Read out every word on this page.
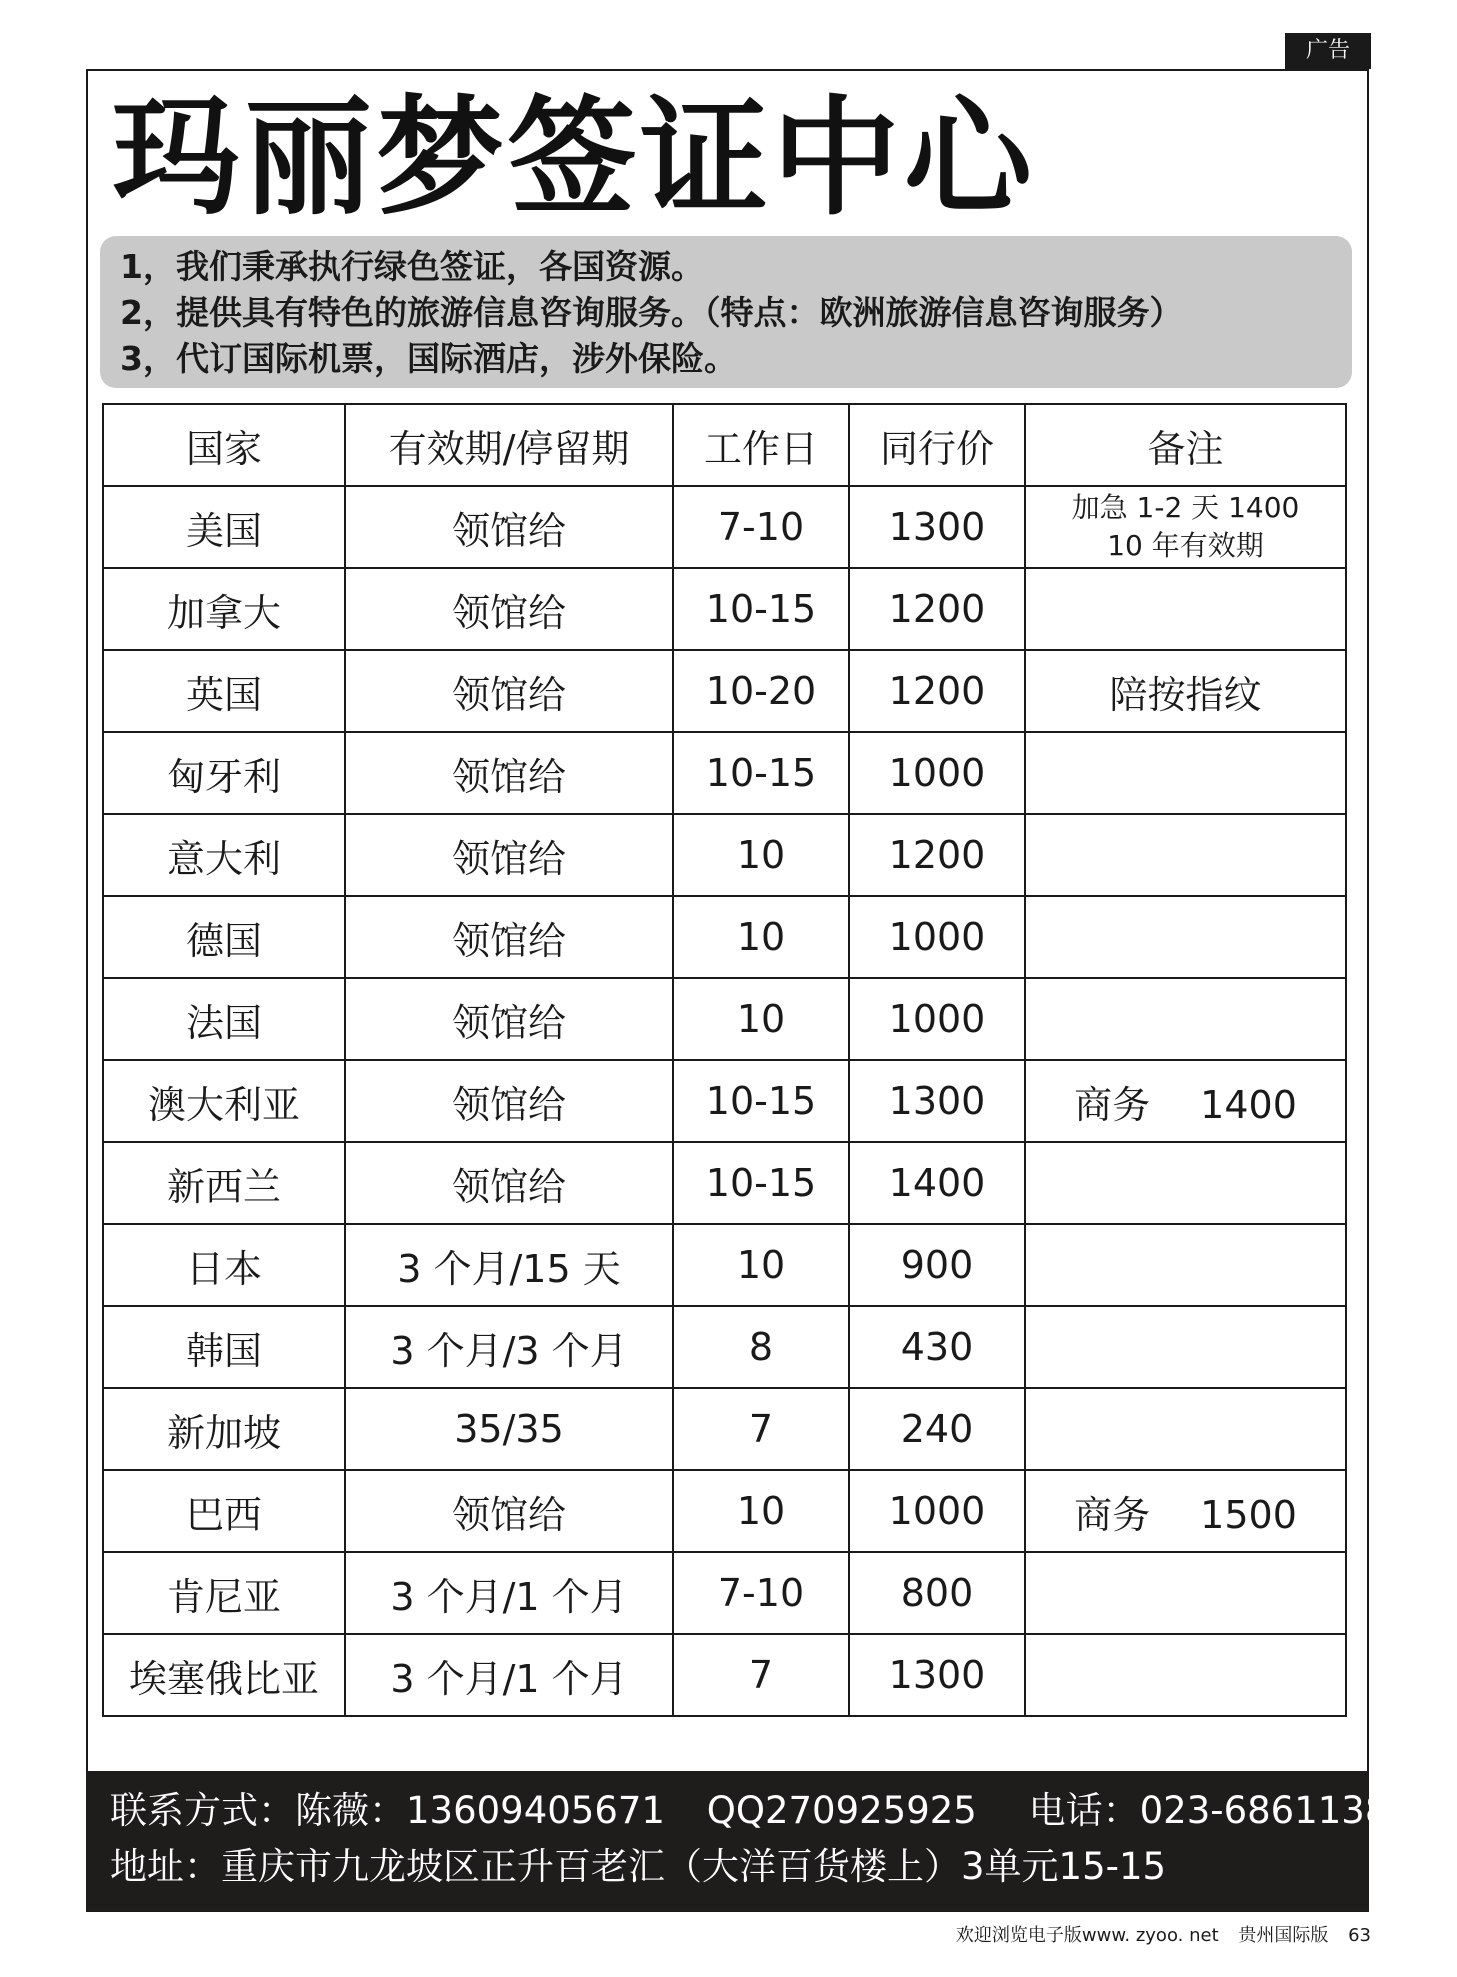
广告
玛丽梦签证中心
1，我们秉承执行绿色签证，各国资源。
2，提供具有特色的旅游信息咨询服务。（特点：欧洲旅游信息咨询服务）
3，代订国际机票，国际酒店，涉外保险。
国家	有效期/停留期	工作日	同行价	备注
美国	领馆给	7-10	1300	加急 1-2 天 1400
10 年有效期

加拿大	领馆给	10-15	1200	
英国	领馆给	10-20	1200	陪按指纹
匈牙利	领馆给	10-15	1000	
意大利	领馆给	10	1200	
德国	领馆给	10	1000	
法国	领馆给	10	1000	
澳大利亚	领馆给	10-15	1300	商务　 1400
新西兰	领馆给	10-15	1400	
日本	3 个月/15 天	10	900	
韩国	3 个月/3 个月	8	430	
新加坡	35/35	7	240	
巴西	领馆给	10	1000	商务　 1500
肯尼亚	3 个月/1 个月	7-10	800	
埃塞俄比亚	3 个月/1 个月	7	1300	
联系方式：陈薇：13609405671 QQ270925925 电话：023-68611383
地址：重庆市九龙坡区正升百老汇（大洋百货楼上）3单元15-15
欢迎浏览电子版www. zyoo. net 贵州国际版 63
